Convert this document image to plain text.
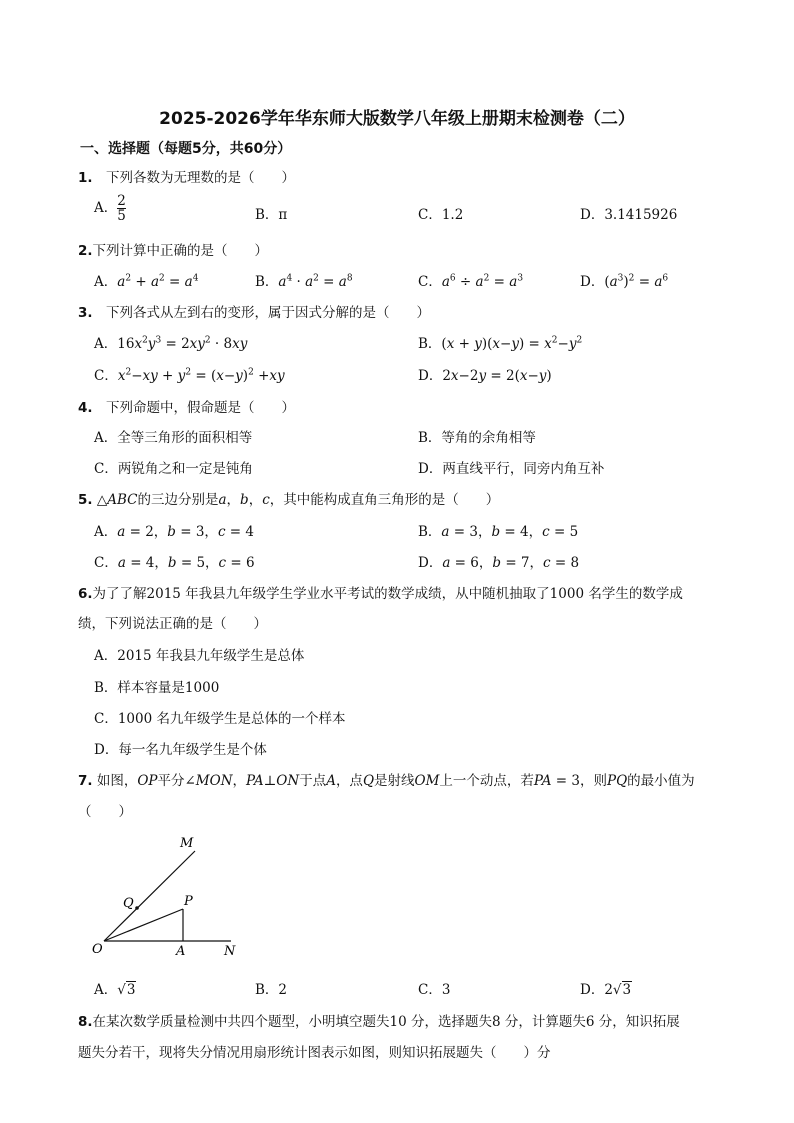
2025-2026学年华东师大版数学八年级上册期末检测卷（二）
一、选择题（每题5分，共60分）
1.　下列各数为无理数的是（　　）
A． $\frac{2}{5}$	B．π	C．1.2	D．3.1415926
2.下列计算中正确的是（　　）
A．$a^2 + a^2 = a^4$	B．$a^4 \cdot a^2 = a^8$	C．$a^6 \div a^2 = a^3$	D．$(a^3)^2 = a^6$
3.　下列各式从左到右的变形，属于因式分解的是（　　）
A．$16x^2y^3 = 2xy^2 \cdot 8xy$	B．$(x + y)(x-y) = x^2-y^2$
C．$x^2-xy + y^2 = (x-y)^2 +xy$	D．2x−2y = 2(x−y)
4.　下列命题中，假命题是（　　）
A．全等三角形的面积相等	B．等角的余角相等
C．两锐角之和一定是钝角	D．两直线平行，同旁内角互补
5. △ABC的三边分别是a，b，c，其中能构成直角三角形的是（　　）
A．a = 2，b = 3，c = 4	B．a = 3，b = 4，c = 5
C．a = 4，b = 5，c = 6	D．a = 6，b = 7，c = 8
6.为了了解2015 年我县九年级学生学业水平考试的数学成绩，从中随机抽取了1000 名学生的数学成
绩，下列说法正确的是（　　）
A．2015 年我县九年级学生是总体
B．样本容量是1000
C．1000 名九年级学生是总体的一个样本
D．每一名九年级学生是个体
7. 如图，OP平分∠MON，PA⊥ON于点A，点Q是射线OM上一个动点，若PA = 3，则PQ的最小值为
（　　）
M
Q	P
O	A	N
A．√3	B．2	C．3	D．2√3
8.在某次数学质量检测中共四个题型，小明填空题失10 分，选择题失8 分，计算题失6 分，知识拓展
题失分若干，现将失分情况用扇形统计图表示如图，则知识拓展题失（　　）分
